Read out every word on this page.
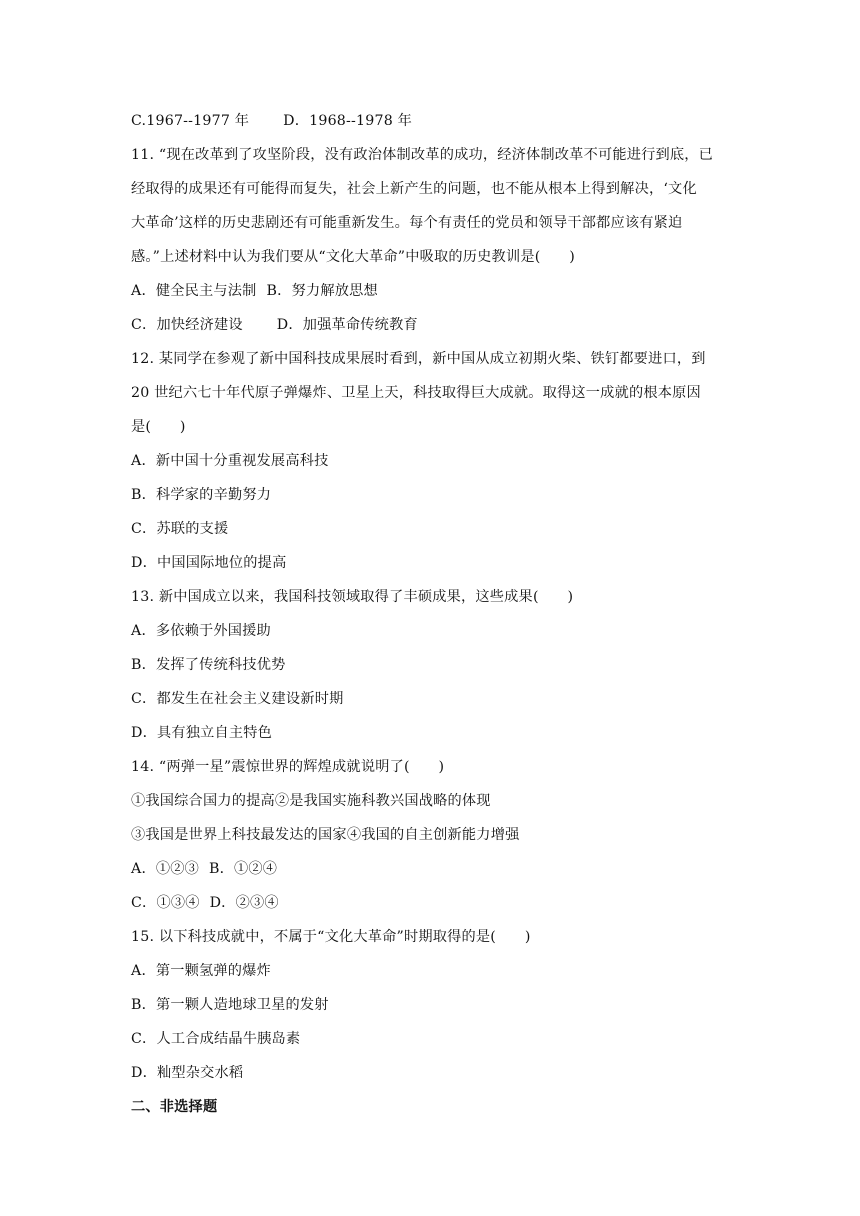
C.1967--1977 年 D．1968--1978 年
11. “现在改革到了攻坚阶段，没有政治体制改革的成功，经济体制改革不可能进行到底，已
经取得的成果还有可能得而复失，社会上新产生的问题，也不能从根本上得到解决，‘文化
大革命’这样的历史悲剧还有可能重新发生。每个有责任的党员和领导干部都应该有紧迫
感。”上述材料中认为我们要从“文化大革命”中吸取的历史教训是(　　)
A．健全民主与法制 B．努力解放思想
C．加快经济建设 D．加强革命传统教育
12. 某同学在参观了新中国科技成果展时看到，新中国从成立初期火柴、铁钉都要进口，到
20 世纪六七十年代原子弹爆炸、卫星上天，科技取得巨大成就。取得这一成就的根本原因
是(　　)
A．新中国十分重视发展高科技
B．科学家的辛勤努力
C．苏联的支援
D．中国国际地位的提高
13. 新中国成立以来，我国科技领域取得了丰硕成果，这些成果(　　)
A．多依赖于外国援助
B．发挥了传统科技优势
C．都发生在社会主义建设新时期
D．具有独立自主特色
14. “两弹一星”震惊世界的辉煌成就说明了(　　)
①我国综合国力的提高②是我国实施科教兴国战略的体现
③我国是世界上科技最发达的国家④我国的自主创新能力增强
A．①②③ B．①②④
C．①③④ D．②③④
15. 以下科技成就中，不属于“文化大革命”时期取得的是(　　)
A．第一颗氢弹的爆炸
B．第一颗人造地球卫星的发射
C．人工合成结晶牛胰岛素
D．籼型杂交水稻
二、非选择题
